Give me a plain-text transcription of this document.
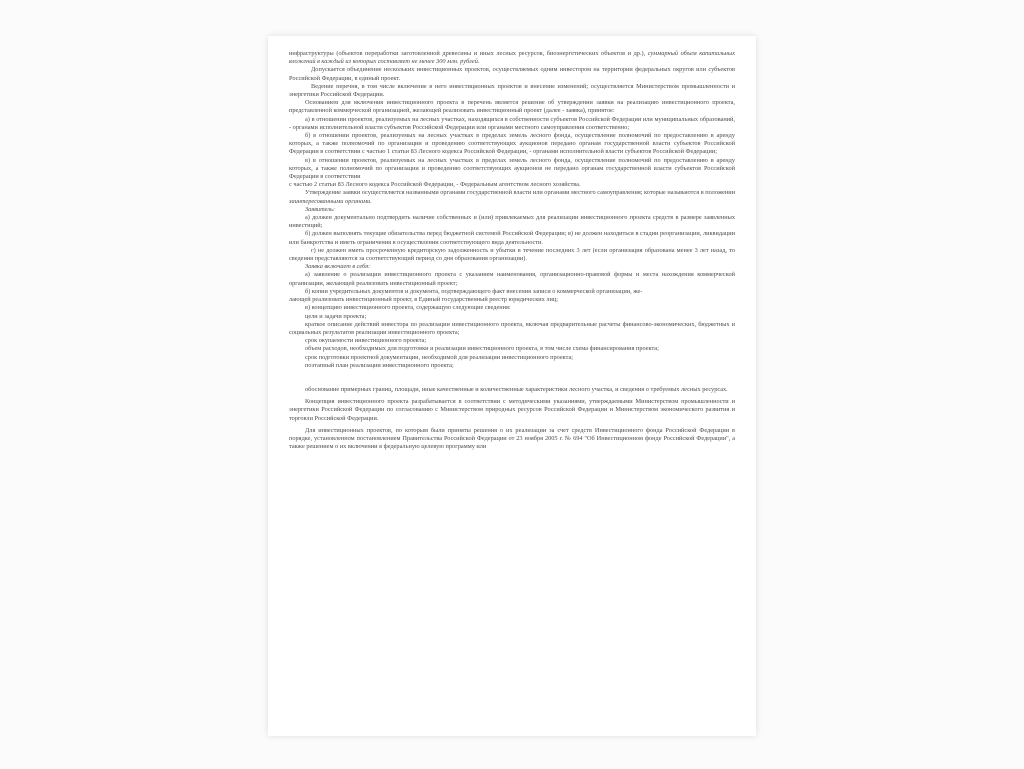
инфраструктуры (объектов переработки заготовленной древесины и иных лесных ресурсов, биоэнергетических объектов и др.), суммарный объем капитальных вложений в каждый из которых составляет не менее 300 млн. рублей.

Допускается объединение нескольких инвестиционных проектов, осуществляемых одним инвестором на территории федеральных округов или субъектов Российской Федерации, в единый проект.

Ведение перечня, в том числе включение в него инвестиционных проектов и внесение изменений; осуществляется Министерством промышленности и энергетики Российской Федерации.

Основанием для включения инвестиционного проекта в перечень является решение об утверждении заявки на реализацию инвестиционного проекта, представленной коммерческой организацией, желающей реализовать инвестиционный проект (далее - заявка), принятое:

а) в отношении проектов, реализуемых на лесных участках, находящихся в собственности субъектов Российской Федерации или муниципальных образований, - органами исполнительной власти субъектов Российской Федерации или органами местного самоуправления соответственно;

б) в отношении проектов, реализуемых на лесных участках в пределах земель лесного фонда, осуществление полномочий по предоставлению в аренду которых, а также полномочий по организации и проведению соответствующих аукционов передано органам государственной власти субъектов Российской Федерации в соответствии с частью 1 статьи 83 Лесного кодекса Российской Федерации, - органами исполнительной власти субъектов Российской Федерации;

в) в отношении проектов, реализуемых на лесных участках в пределах земель лесного фонда, осуществление полномочий по предоставлению в аренду которых, а также полномочий по организации и проведению соответствующих аукционов не передано органам государственной власти субъектов Российской Федерации в соответствии

с частью 2 статьи 83 Лесного кодекса Российской Федерации, - Федеральным агентством лесного хозяйства.

Утверждение заявки осуществляется названными органами государственной власти или органами местного самоуправления; которые называются в положении заинтересованными органами.

Заявитель:

а) должен документально подтвердить наличие собственных и (или) привлекаемых для реализации инвестиционного проекта средств в размере заявленных инвестиций;

б) должен выполнять текущие обязательства перед бюджетной системой Российской Федерации; в) не должен находиться в стадии реорганизации, ликвидации или банкротства и иметь ограничения в осуществлении соответствующего вида деятельности.

г) не должен иметь просроченную кредиторскую задолженность и убытки в течение последних 3 лет (если организация образована менее 3 лет назад, то сведения представляются за соответствующий период со дня образования организации).

Заявка включает в себя:

а) заявление о реализации инвестиционного проекта с указанием наименования, организационно-правовой формы и места нахождения коммерческой организации, желающей реализовать инвестиционный проект;

б) копии учредительных документов и документа, подтверждающего факт внесения записи о коммерческой организации, же-

лающей реализовать инвестиционный проект, в Единый государственный реестр юридических лиц;

в) концепцию инвестиционного проекта, содержащую следующие сведения:

цели и задачи проекта;

краткое описание действий инвестора по реализации инвестиционного проекта, включая предварительные расчеты финансово-экономических, бюджетных и социальных результатов реализации инвестиционного проекта;

срок окупаемости инвестиционного проекта;

объем расходов, необходимых для подготовки и реализации инвестиционного проекта, в том числе схема финансирования проекта;

срок подготовки проектной документации, необходимой для реализации инвестиционного проекта;

поэтапный план реализации инвестиционного проекта;

обоснование примерных границ, площади, иные качественные и количественные характеристики лесного участка, и сведения о требуемых лесных ресурсах.

Концепция инвестиционного проекта разрабатывается в соответствии с методическими указаниями, утверждаемыми Министерством промышленности и энергетики Российской Федерации по согласованию с Министерством природных ресурсов Российской Федерации и Министерством экономического развития и торговли Российской Федерации.

Для инвестиционных проектов, по которым были приняты решения о их реализации за счет средств Инвестиционного фонда Российской Федерации в порядке, установленном постановлением Правительства Российской Федерации от 23 ноября 2005 г. № 694 "Об Инвестиционном фонде Российской Федерации", а также решением о их включении в федеральную целевую программу или
